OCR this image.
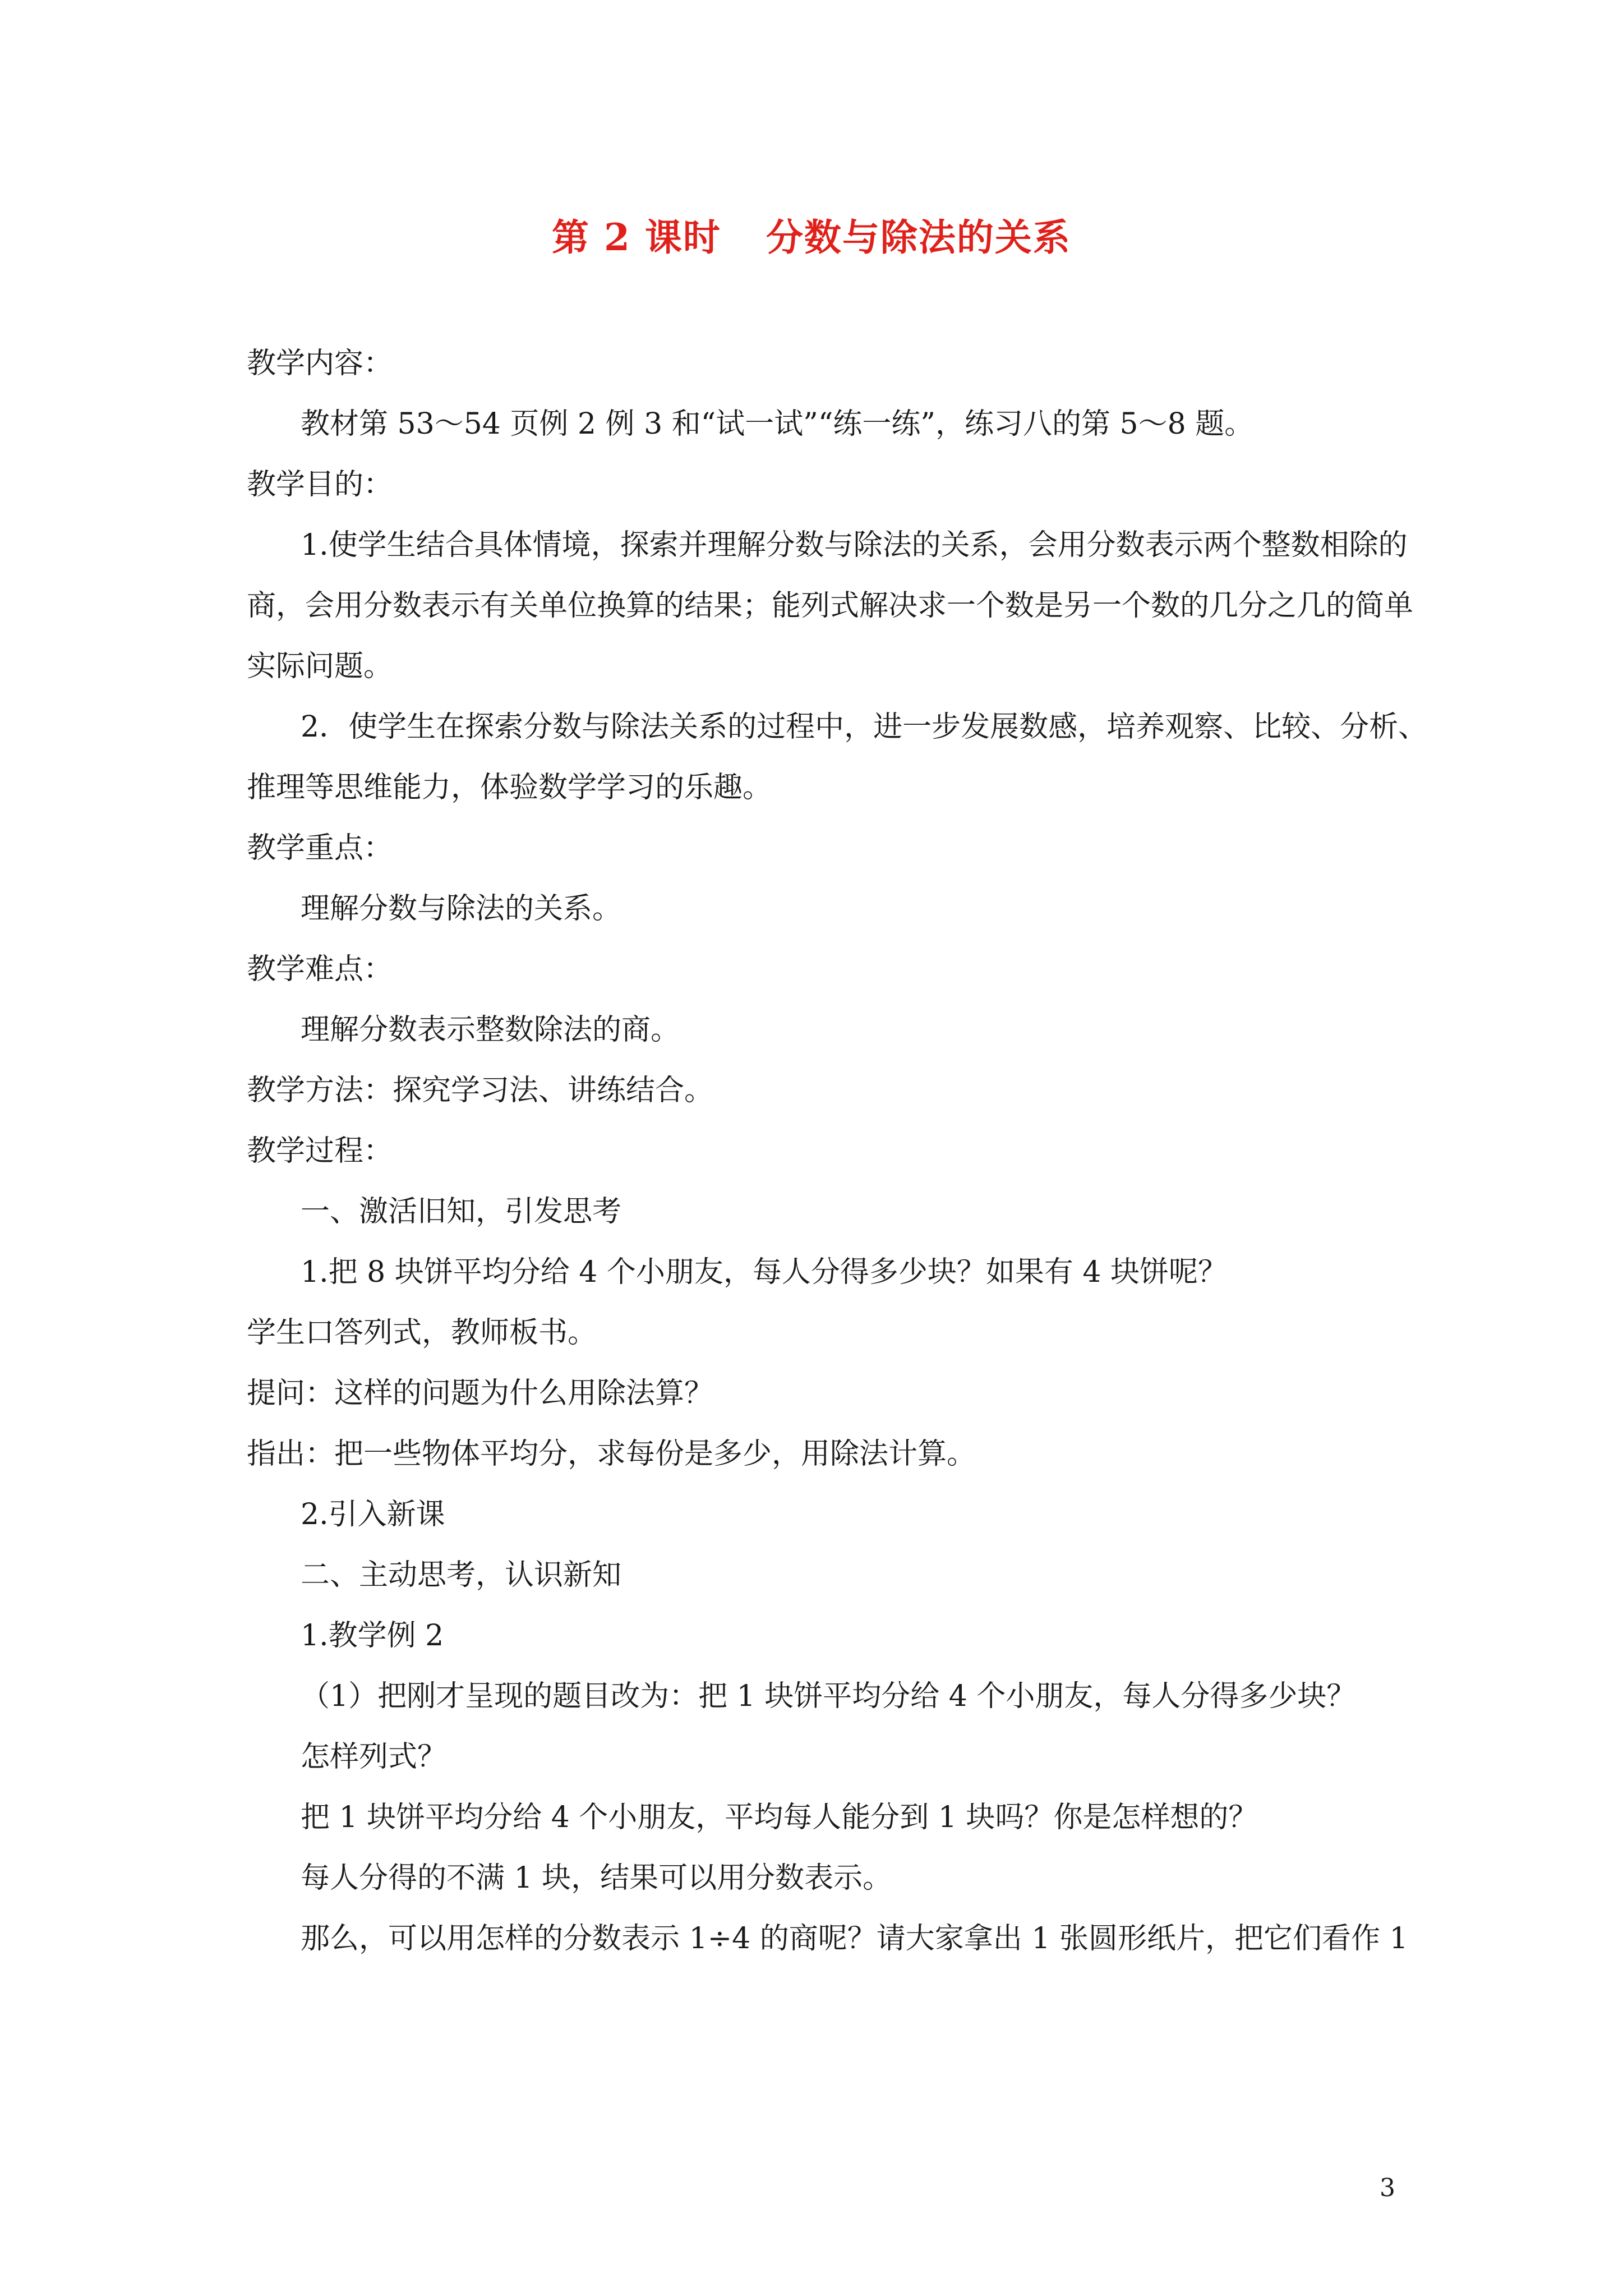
第 2 课时 分数与除法的关系

教学内容：

教材第 53～54 页例 2 例 3 和“试一试”“练一练”，练习八的第 5～8 题。

教学目的：

1.使学生结合具体情境，探索并理解分数与除法的关系，会用分数表示两个整数相除的

商，会用分数表示有关单位换算的结果；能列式解决求一个数是另一个数的几分之几的简单

实际问题。

2．使学生在探索分数与除法关系的过程中，进一步发展数感，培养观察、比较、分析、

推理等思维能力，体验数学学习的乐趣。

教学重点：

理解分数与除法的关系。

教学难点：

理解分数表示整数除法的商。

教学方法：探究学习法、讲练结合。

教学过程：

一、激活旧知，引发思考

1.把 8 块饼平均分给 4 个小朋友，每人分得多少块？如果有 4 块饼呢？

学生口答列式，教师板书。

提问：这样的问题为什么用除法算？

指出：把一些物体平均分，求每份是多少，用除法计算。

2.引入新课

二、主动思考，认识新知

1.教学例 2

（1）把刚才呈现的题目改为：把 1 块饼平均分给 4 个小朋友，每人分得多少块？

怎样列式？

把 1 块饼平均分给 4 个小朋友，平均每人能分到 1 块吗？你是怎样想的？

每人分得的不满 1 块，结果可以用分数表示。

那么，可以用怎样的分数表示 1÷4 的商呢？请大家拿出 1 张圆形纸片，把它们看作 1

3
